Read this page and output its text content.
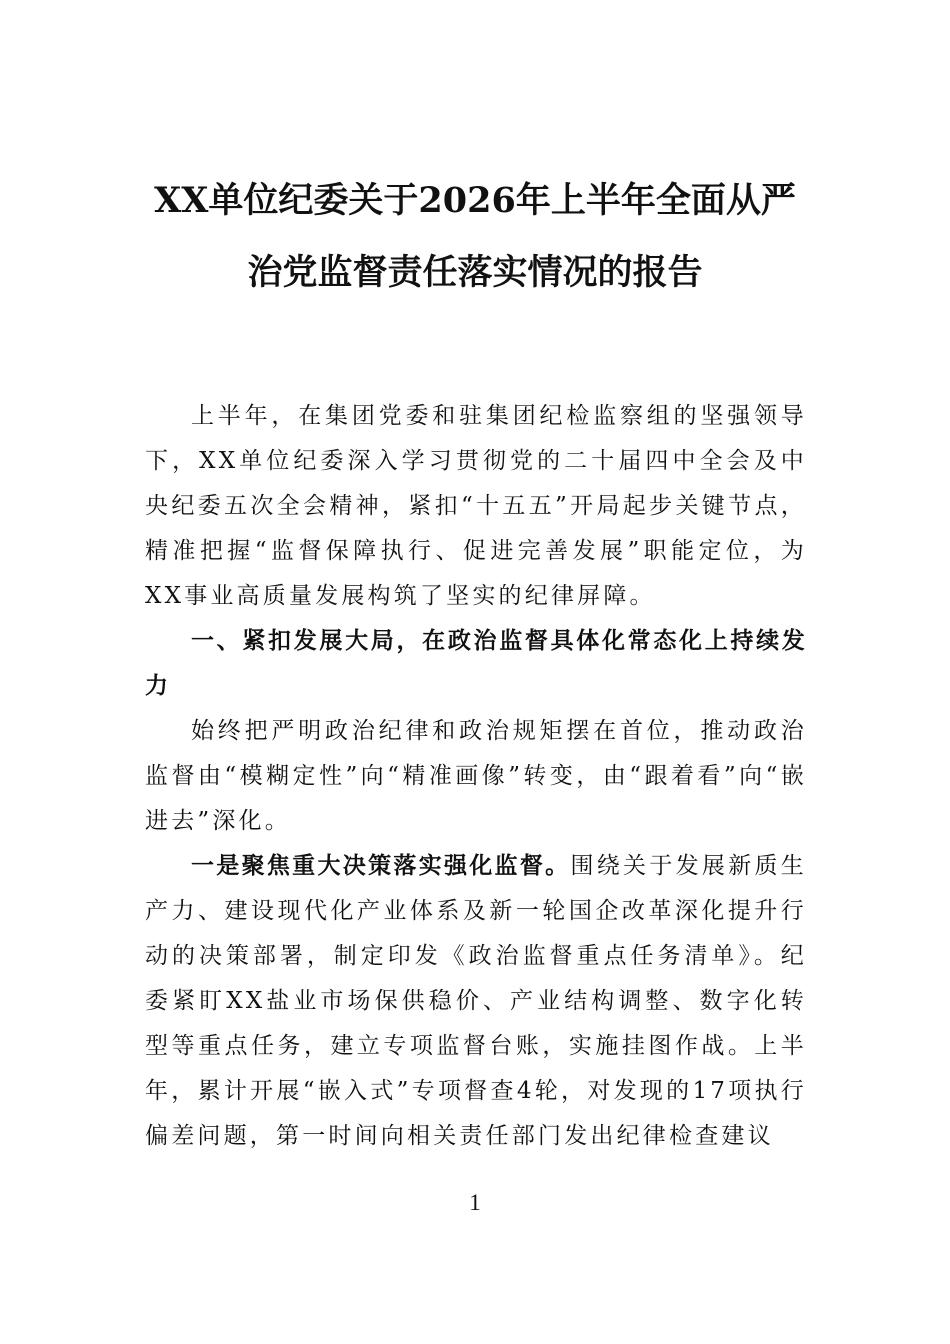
XX单位纪委关于2026年上半年全面从严
治党监督责任落实情况的报告

上半年，在集团党委和驻集团纪检监察组的坚强领导下，XX单位纪委深入学习贯彻党的二十届四中全会及中央纪委五次全会精神，紧扣“十五五”开局起步关键节点，精准把握“监督保障执行、促进完善发展”职能定位，为XX事业高质量发展构筑了坚实的纪律屏障。

一、紧扣发展大局，在政治监督具体化常态化上持续发力

始终把严明政治纪律和政治规矩摆在首位，推动政治监督由“模糊定性”向“精准画像”转变，由“跟着看”向“嵌进去”深化。

一是聚焦重大决策落实强化监督。围绕关于发展新质生产力、建设现代化产业体系及新一轮国企改革深化提升行动的决策部署，制定印发《政治监督重点任务清单》。纪委紧盯XX盐业市场保供稳价、产业结构调整、数字化转型等重点任务，建立专项监督台账，实施挂图作战。上半年，累计开展“嵌入式”专项督查4轮，对发现的17项执行偏差问题，第一时间向相关责任部门发出纪律检查建议

1
